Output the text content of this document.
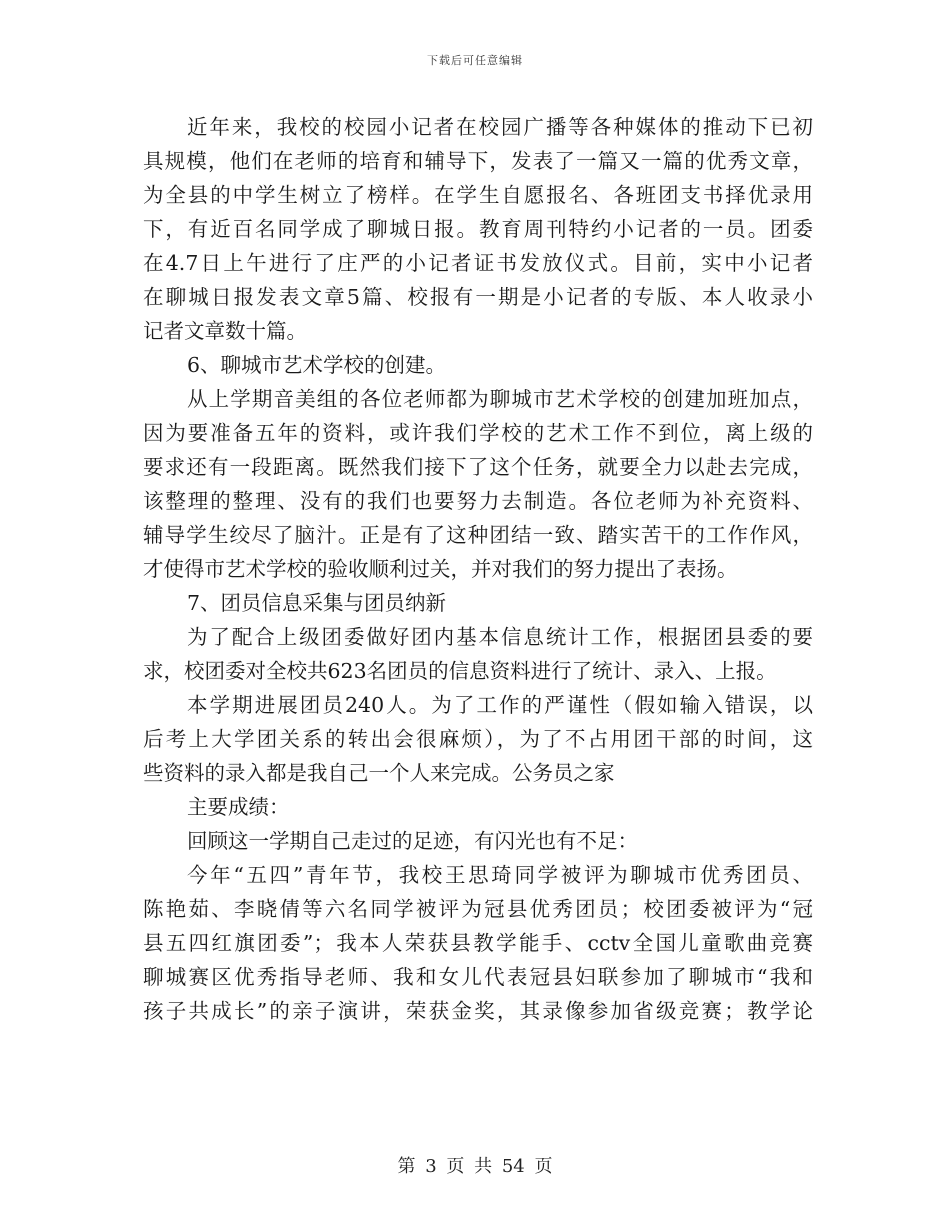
下载后可任意编辑
近年来，我校的校园小记者在校园广播等各种媒体的推动下已初
具规模，他们在老师的培育和辅导下，发表了一篇又一篇的优秀文章，
为全县的中学生树立了榜样。在学生自愿报名、各班团支书择优录用
下，有近百名同学成了聊城日报。教育周刊特约小记者的一员。团委
在4.7日上午进行了庄严的小记者证书发放仪式。目前，实中小记者
在聊城日报发表文章5篇、校报有一期是小记者的专版、本人收录小
记者文章数十篇。
6、聊城市艺术学校的创建。
从上学期音美组的各位老师都为聊城市艺术学校的创建加班加点，
因为要准备五年的资料，或许我们学校的艺术工作不到位，离上级的
要求还有一段距离。既然我们接下了这个任务，就要全力以赴去完成，
该整理的整理、没有的我们也要努力去制造。各位老师为补充资料、
辅导学生绞尽了脑汁。正是有了这种团结一致、踏实苦干的工作作风，
才使得市艺术学校的验收顺利过关，并对我们的努力提出了表扬。
7、团员信息采集与团员纳新
为了配合上级团委做好团内基本信息统计工作，根据团县委的要
求，校团委对全校共623名团员的信息资料进行了统计、录入、上报。
本学期进展团员240人。为了工作的严谨性（假如输入错误，以
后考上大学团关系的转出会很麻烦），为了不占用团干部的时间，这
些资料的录入都是我自己一个人来完成。公务员之家
主要成绩：
回顾这一学期自己走过的足迹，有闪光也有不足：
今年“五四”青年节，我校王思琦同学被评为聊城市优秀团员、
陈艳茹、李晓倩等六名同学被评为冠县优秀团员；校团委被评为“冠
县五四红旗团委”；我本人荣获县教学能手、cctv全国儿童歌曲竞赛
聊城赛区优秀指导老师、我和女儿代表冠县妇联参加了聊城市“我和
孩子共成长”的亲子演讲，荣获金奖，其录像参加省级竞赛；教学论
第 3 页 共 54 页
